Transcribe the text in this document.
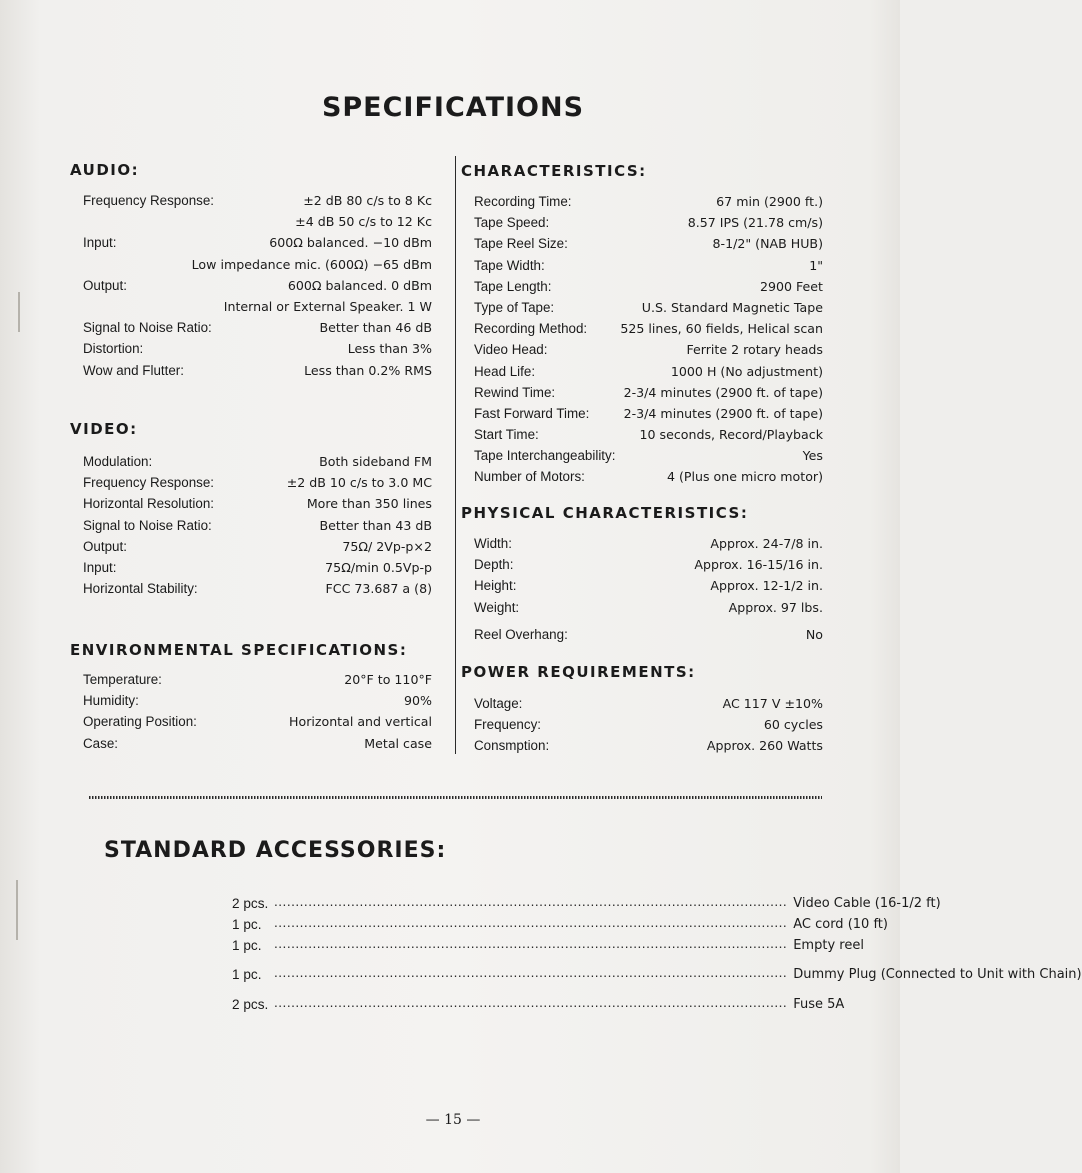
SPECIFICATIONS
AUDIO:
Frequency Response:	±2 dB 80 c/s to 8 Kc
±4 dB 50 c/s to 12 Kc
Input:	600Ω balanced. −10 dBm
Low impedance mic. (600Ω) −65 dBm
Output:	600Ω balanced. 0 dBm
Internal or External Speaker. 1 W
Signal to Noise Ratio:	Better than 46 dB
Distortion:	Less than 3%
Wow and Flutter:	Less than 0.2% RMS
VIDEO:
Modulation:	Both sideband FM
Frequency Response:	±2 dB 10 c/s to 3.0 MC
Horizontal Resolution:	More than 350 lines
Signal to Noise Ratio:	Better than 43 dB
Output:	75Ω/ 2Vp-p×2
Input:	75Ω/min 0.5Vp-p
Horizontal Stability:	FCC 73.687 a (8)
ENVIRONMENTAL SPECIFICATIONS:
Temperature:	20°F to 110°F
Humidity:	90%
Operating Position:	Horizontal and vertical
Case:	Metal case
CHARACTERISTICS:
Recording Time:	67 min (2900 ft.)
Tape Speed:	8.57 IPS (21.78 cm/s)
Tape Reel Size:	8-1/2" (NAB HUB)
Tape Width:	1"
Tape Length:	2900 Feet
Type of Tape:	U.S. Standard Magnetic Tape
Recording Method:	525 lines, 60 fields, Helical scan
Video Head:	Ferrite 2 rotary heads
Head Life:	1000 H (No adjustment)
Rewind Time:	2-3/4 minutes (2900 ft. of tape)
Fast Forward Time:	2-3/4 minutes (2900 ft. of tape)
Start Time:	10 seconds, Record/Playback
Tape Interchangeability:	Yes
Number of Motors:	4 (Plus one micro motor)
PHYSICAL CHARACTERISTICS:
Width:	Approx. 24-7/8 in.
Depth:	Approx. 16-15/16 in.
Height:	Approx. 12-1/2 in.
Weight:	Approx. 97 lbs.
Reel Overhang:	No
POWER REQUIREMENTS:
Voltage:	AC 117 V ±10%
Frequency:	60 cycles
Consmption:	Approx. 260 Watts
STANDARD ACCESSORIES:
2 pcs. ........................................................................................................................ Video Cable (16-1/2 ft)
1 pc. ........................................................................................................................ AC cord (10 ft)
1 pc. ........................................................................................................................ Empty reel
1 pc. ........................................................................................................................ Dummy Plug (Connected to Unit with Chain)
2 pcs. ........................................................................................................................ Fuse 5A
— 15 —
